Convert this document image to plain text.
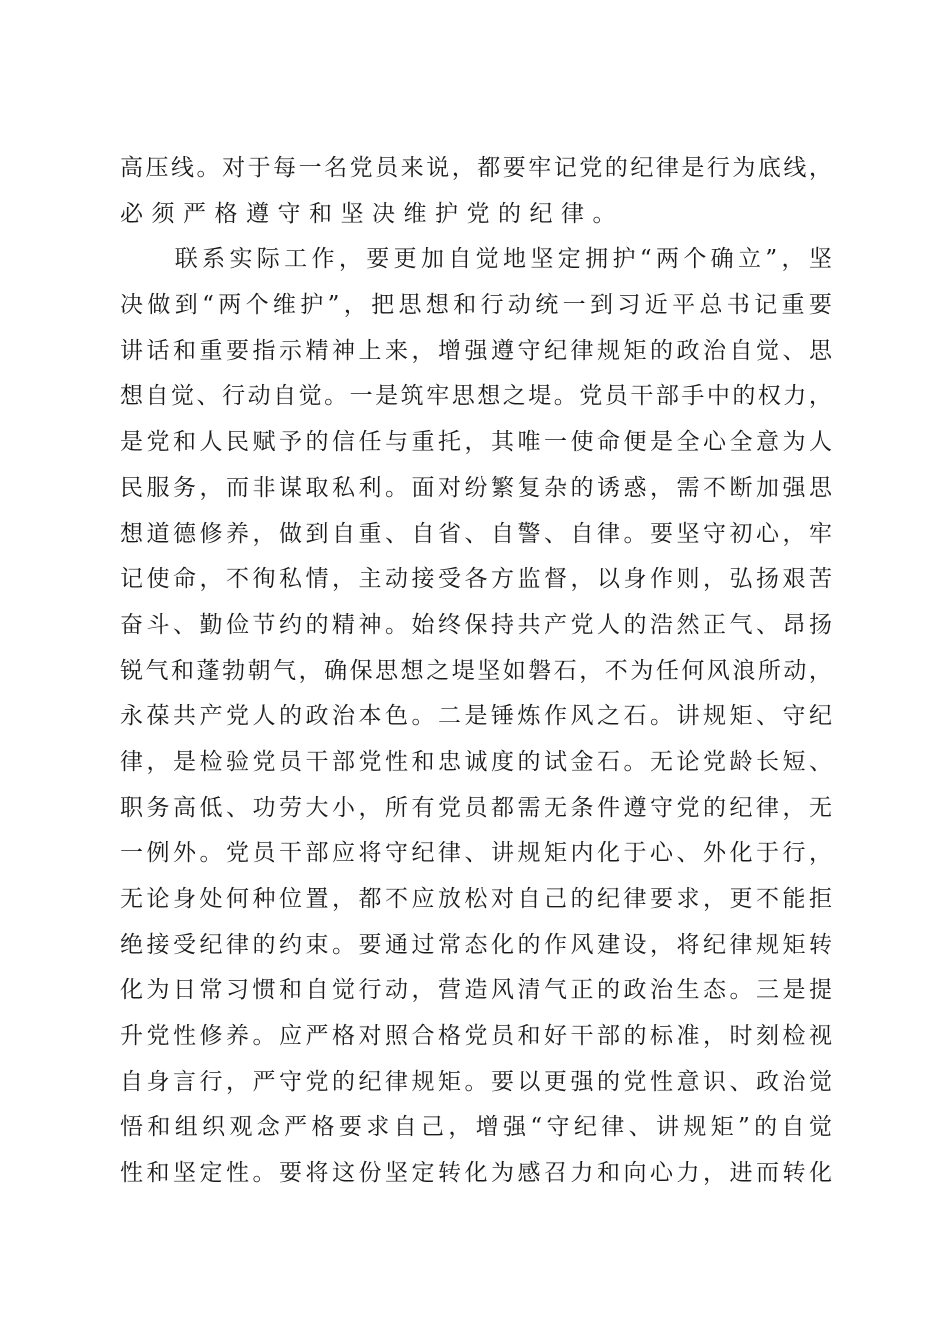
高 压 线 。 对 于 每 一 名 党 员 来 说 ， 都 要 牢 记 党 的 纪 律 是 行 为 底 线 ，
必 须 严 格 遵 守 和 坚 决 维 护 党 的 纪 律 。

联 系 实 际 工 作 ， 要 更 加 自 觉 地 坚 定 拥 护 “ 两 个 确 立 ” ， 坚
决 做 到 “ 两 个 维 护 ” ， 把 思 想 和 行 动 统 一 到 习 近 平 总 书 记 重 要
讲 话 和 重 要 指 示 精 神 上 来 ， 增 强 遵 守 纪 律 规 矩 的 政 治 自 觉 、 思
想 自 觉 、 行 动 自 觉 。 一 是 筑 牢 思 想 之 堤 。 党 员 干 部 手 中 的 权 力 ，
是 党 和 人 民 赋 予 的 信 任 与 重 托 ， 其 唯 一 使 命 便 是 全 心 全 意 为 人
民 服 务 ， 而 非 谋 取 私 利 。 面 对 纷 繁 复 杂 的 诱 惑 ， 需 不 断 加 强 思
想 道 德 修 养 ， 做 到 自 重 、 自 省 、 自 警 、 自 律 。 要 坚 守 初 心 ， 牢
记 使 命 ， 不 徇 私 情 ， 主 动 接 受 各 方 监 督 ， 以 身 作 则 ， 弘 扬 艰 苦
奋 斗 、 勤 俭 节 约 的 精 神 。 始 终 保 持 共 产 党 人 的 浩 然 正 气 、 昂 扬
锐 气 和 蓬 勃 朝 气 ， 确 保 思 想 之 堤 坚 如 磐 石 ， 不 为 任 何 风 浪 所 动 ，
永 葆 共 产 党 人 的 政 治 本 色 。 二 是 锤 炼 作 风 之 石 。 讲 规 矩 、 守 纪
律 ， 是 检 验 党 员 干 部 党 性 和 忠 诚 度 的 试 金 石 。 无 论 党 龄 长 短 、
职 务 高 低 、 功 劳 大 小 ， 所 有 党 员 都 需 无 条 件 遵 守 党 的 纪 律 ， 无
一 例 外 。 党 员 干 部 应 将 守 纪 律 、 讲 规 矩 内 化 于 心 、 外 化 于 行 ，
无 论 身 处 何 种 位 置 ， 都 不 应 放 松 对 自 己 的 纪 律 要 求 ， 更 不 能 拒
绝 接 受 纪 律 的 约 束 。 要 通 过 常 态 化 的 作 风 建 设 ， 将 纪 律 规 矩 转
化 为 日 常 习 惯 和 自 觉 行 动 ， 营 造 风 清 气 正 的 政 治 生 态 。 三 是 提
升 党 性 修 养 。 应 严 格 对 照 合 格 党 员 和 好 干 部 的 标 准 ， 时 刻 检 视
自 身 言 行 ， 严 守 党 的 纪 律 规 矩 。 要 以 更 强 的 党 性 意 识 、 政 治 觉
悟 和 组 织 观 念 严 格 要 求 自 己 ， 增 强 “ 守 纪 律 、 讲 规 矩 ” 的 自 觉
性 和 坚 定 性 。 要 将 这 份 坚 定 转 化 为 感 召 力 和 向 心 力 ， 进 而 转 化
